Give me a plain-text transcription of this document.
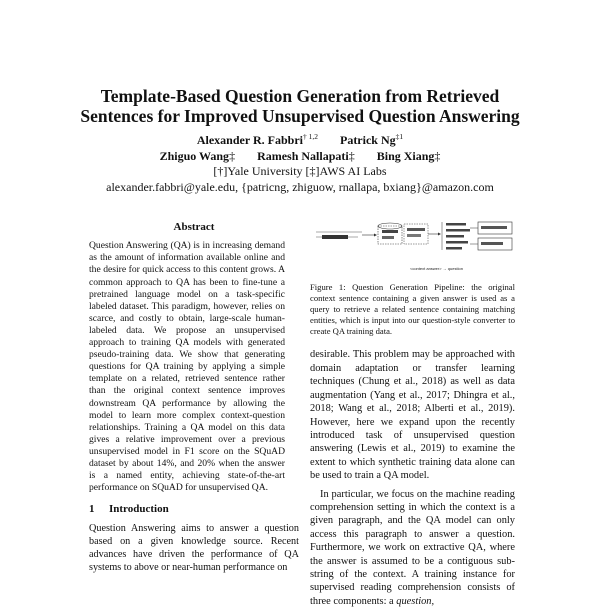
Template-Based Question Generation from Retrieved
Sentences for Improved Unsupervised Question Answering
Alexander R. Fabbri$^{\dagger 1,2}$ Patrick Ng$^{\ddagger 1}$
Zhiguo Wang‡ Ramesh Nallapati‡ Bing Xiang‡
[†]Yale University [‡]AWS AI Labs
alexander.fabbri@yale.edu, {patricng, zhiguow, rnallapa, bxiang}@amazon.com
Abstract
Question Answering (QA) is in increasing demand as the amount of information available online and the desire for quick access to this content grows. A common approach to QA has been to fine-tune a pretrained language model on a task-specific labeled dataset. This paradigm, however, relies on scarce, and costly to obtain, large-scale human-labeled data. We propose an unsupervised approach to training QA models with generated pseudo-training data. We show that generating questions for QA training by applying a simple template on a related, retrieved sentence rather than the original context sentence improves downstream QA performance by allowing the model to learn more complex context-question relationships. Training a QA model on this data gives a relative improvement over a previous unsupervised model in F1 score on the SQuAD dataset by about 14%, and 20% when the answer is a named entity, achieving state-of-the-art performance on SQuAD for unsupervised QA.
1 Introduction
Question Answering aims to answer a question based on a given knowledge source. Recent advances have driven the performance of QA systems to above or near-human performance on
<context answer> → question
Figure 1: Question Generation Pipeline: the original context sentence containing a given answer is used as a query to retrieve a related sentence containing matching entities, which is input into our question-style converter to create QA training data.

desirable. This problem may be approached with domain adaptation or transfer learning techniques (Chung et al., 2018) as well as data augmentation (Yang et al., 2017; Dhingra et al., 2018; Wang et al., 2018; Alberti et al., 2019). However, here we expand upon the recently introduced task of unsupervised question answering (Lewis et al., 2019) to examine the extent to which synthetic training data alone can be used to train a QA model.

In particular, we focus on the machine reading comprehension setting in which the context is a given paragraph, and the QA model can only access this paragraph to answer a question. Furthermore, we work on extractive QA, where the answer is assumed to be a contiguous sub-string of the context. A training instance for supervised reading comprehension consists of three components: a question,
